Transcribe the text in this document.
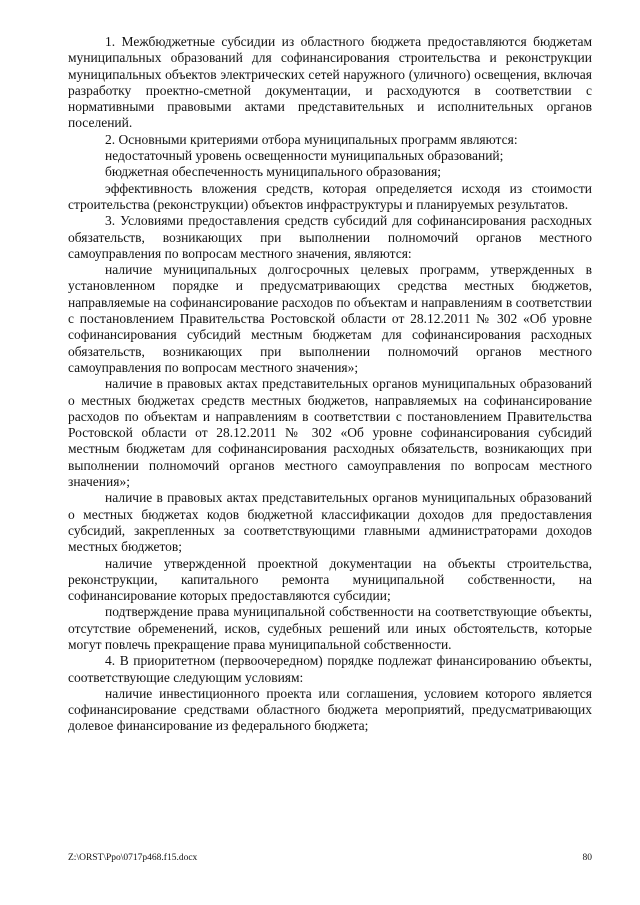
1. Межбюджетные субсидии из областного бюджета предоставляются бюджетам муниципальных образований для софинансирования строительства и реконструкции муниципальных объектов электрических сетей наружного (уличного) освещения, включая разработку проектно-сметной документации, и расходуются в соответствии с нормативными правовыми актами представительных и исполнительных органов поселений.

2. Основными критериями отбора муниципальных программ являются:

недостаточный уровень освещенности муниципальных образований;

бюджетная обеспеченность муниципального образования;

эффективность вложения средств, которая определяется исходя из стоимости строительства (реконструкции) объектов инфраструктуры и планируемых результатов.

3. Условиями предоставления средств субсидий для софинансирования расходных обязательств, возникающих при выполнении полномочий органов местного самоуправления по вопросам местного значения, являются:

наличие муниципальных долгосрочных целевых программ, утвержденных в установленном порядке и предусматривающих средства местных бюджетов, направляемые на софинансирование расходов по объектам и направлениям в соответствии с постановлением Правительства Ростовской области от 28.12.2011 № 302 «Об уровне софинансирования субсидий местным бюджетам для софинансирования расходных обязательств, возникающих при выполнении полномочий органов местного самоуправления по вопросам местного значения»;

наличие в правовых актах представительных органов муниципальных образований о местных бюджетах средств местных бюджетов, направляемых на софинансирование расходов по объектам и направлениям в соответствии с постановлением Правительства Ростовской области от 28.12.2011 № 302 «Об уровне софинансирования субсидий местным бюджетам для софинансирования расходных обязательств, возникающих при выполнении полномочий органов местного самоуправления по вопросам местного значения»;

наличие в правовых актах представительных органов муниципальных образований о местных бюджетах кодов бюджетной классификации доходов для предоставления субсидий, закрепленных за соответствующими главными администраторами доходов местных бюджетов;

наличие утвержденной проектной документации на объекты строительства, реконструкции, капитального ремонта муниципальной собственности, на софинансирование которых предоставляются субсидии;

подтверждение права муниципальной собственности на соответствующие объекты, отсутствие обременений, исков, судебных решений или иных обстоятельств, которые могут повлечь прекращение права муниципальной собственности.

4. В приоритетном (первоочередном) порядке подлежат финансированию объекты, соответствующие следующим условиям:

наличие инвестиционного проекта или соглашения, условием которого является софинансирование средствами областного бюджета мероприятий, предусматривающих долевое финансирование из федерального бюджета;

Z:\ORST\Ppo\0717p468.f15.docx	80
